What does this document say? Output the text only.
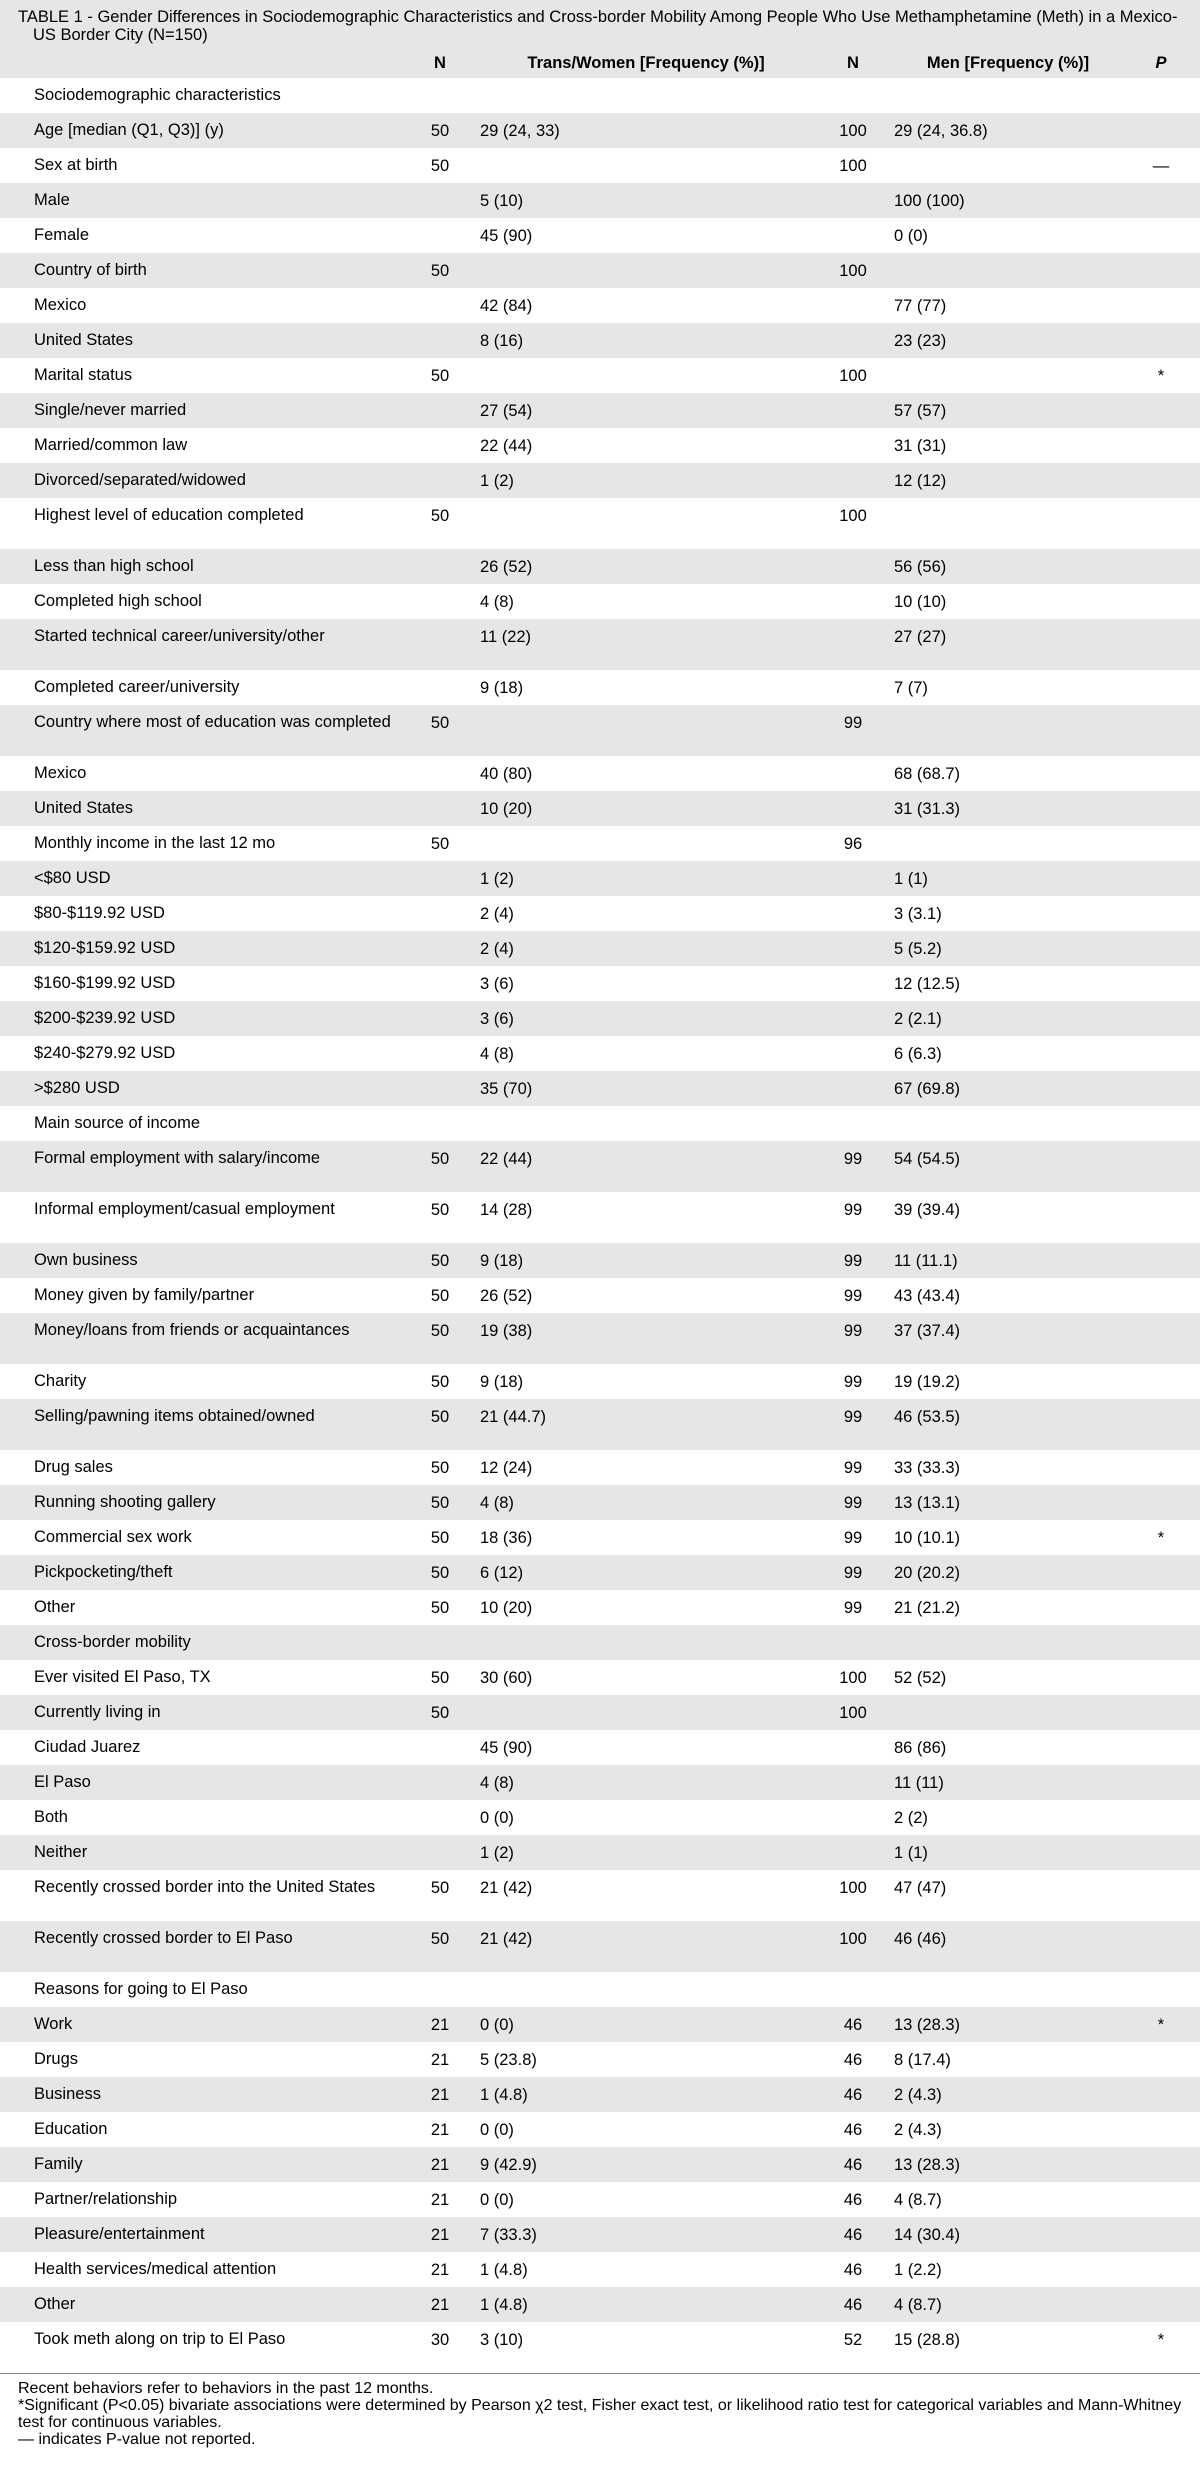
TABLE 1 - Gender Differences in Sociodemographic Characteristics and Cross-border Mobility Among People Who Use Methamphetamine (Meth) in a Mexico-US Border City (N=150)

	N	Trans/Women [Frequency (%)]	N	Men [Frequency (%)]	P
Sociodemographic characteristics					
Age [median (Q1, Q3)] (y)	50	29 (24, 33)	100	29 (24, 36.8)	
Sex at birth	50		100		—
Male		5 (10)		100 (100)	
Female		45 (90)		0 (0)	
Country of birth	50		100		
Mexico		42 (84)		77 (77)	
United States		8 (16)		23 (23)	
Marital status	50		100		*
Single/never married		27 (54)		57 (57)	
Married/common law		22 (44)		31 (31)	
Divorced/separated/widowed		1 (2)		12 (12)	
Highest level of education completed	50		100		
Less than high school		26 (52)		56 (56)	
Completed high school		4 (8)		10 (10)	
Started technical career/university/other		11 (22)		27 (27)	
Completed career/university		9 (18)		7 (7)	
Country where most of education was completed	50		99		
Mexico		40 (80)		68 (68.7)	
United States		10 (20)		31 (31.3)	
Monthly income in the last 12 mo	50		96		
<$80 USD		1 (2)		1 (1)	
$80-$119.92 USD		2 (4)		3 (3.1)	
$120-$159.92 USD		2 (4)		5 (5.2)	
$160-$199.92 USD		3 (6)		12 (12.5)	
$200-$239.92 USD		3 (6)		2 (2.1)	
$240-$279.92 USD		4 (8)		6 (6.3)	
>$280 USD		35 (70)		67 (69.8)	
Main source of income					
Formal employment with salary/income	50	22 (44)	99	54 (54.5)	
Informal employment/casual employment	50	14 (28)	99	39 (39.4)	
Own business	50	9 (18)	99	11 (11.1)	
Money given by family/partner	50	26 (52)	99	43 (43.4)	
Money/loans from friends or acquaintances	50	19 (38)	99	37 (37.4)	
Charity	50	9 (18)	99	19 (19.2)	
Selling/pawning items obtained/owned	50	21 (44.7)	99	46 (53.5)	
Drug sales	50	12 (24)	99	33 (33.3)	
Running shooting gallery	50	4 (8)	99	13 (13.1)	
Commercial sex work	50	18 (36)	99	10 (10.1)	*
Pickpocketing/theft	50	6 (12)	99	20 (20.2)	
Other	50	10 (20)	99	21 (21.2)	
Cross-border mobility					
Ever visited El Paso, TX	50	30 (60)	100	52 (52)	
Currently living in	50		100		
Ciudad Juarez		45 (90)		86 (86)	
El Paso		4 (8)		11 (11)	
Both		0 (0)		2 (2)	
Neither		1 (2)		1 (1)	
Recently crossed border into the United States	50	21 (42)	100	47 (47)	
Recently crossed border to El Paso	50	21 (42)	100	46 (46)	
Reasons for going to El Paso					
Work	21	0 (0)	46	13 (28.3)	*
Drugs	21	5 (23.8)	46	8 (17.4)	
Business	21	1 (4.8)	46	2 (4.3)	
Education	21	0 (0)	46	2 (4.3)	
Family	21	9 (42.9)	46	13 (28.3)	
Partner/relationship	21	0 (0)	46	4 (8.7)	
Pleasure/entertainment	21	7 (33.3)	46	14 (30.4)	
Health services/medical attention	21	1 (4.8)	46	1 (2.2)	
Other	21	1 (4.8)	46	4 (8.7)	
Took meth along on trip to El Paso	30	3 (10)	52	15 (28.8)	*

Recent behaviors refer to behaviors in the past 12 months.

*Significant (P<0.05) bivariate associations were determined by Pearson χ2 test, Fisher exact test, or likelihood ratio test for categorical variables and Mann-Whitney test for continuous variables.

— indicates P-value not reported.
